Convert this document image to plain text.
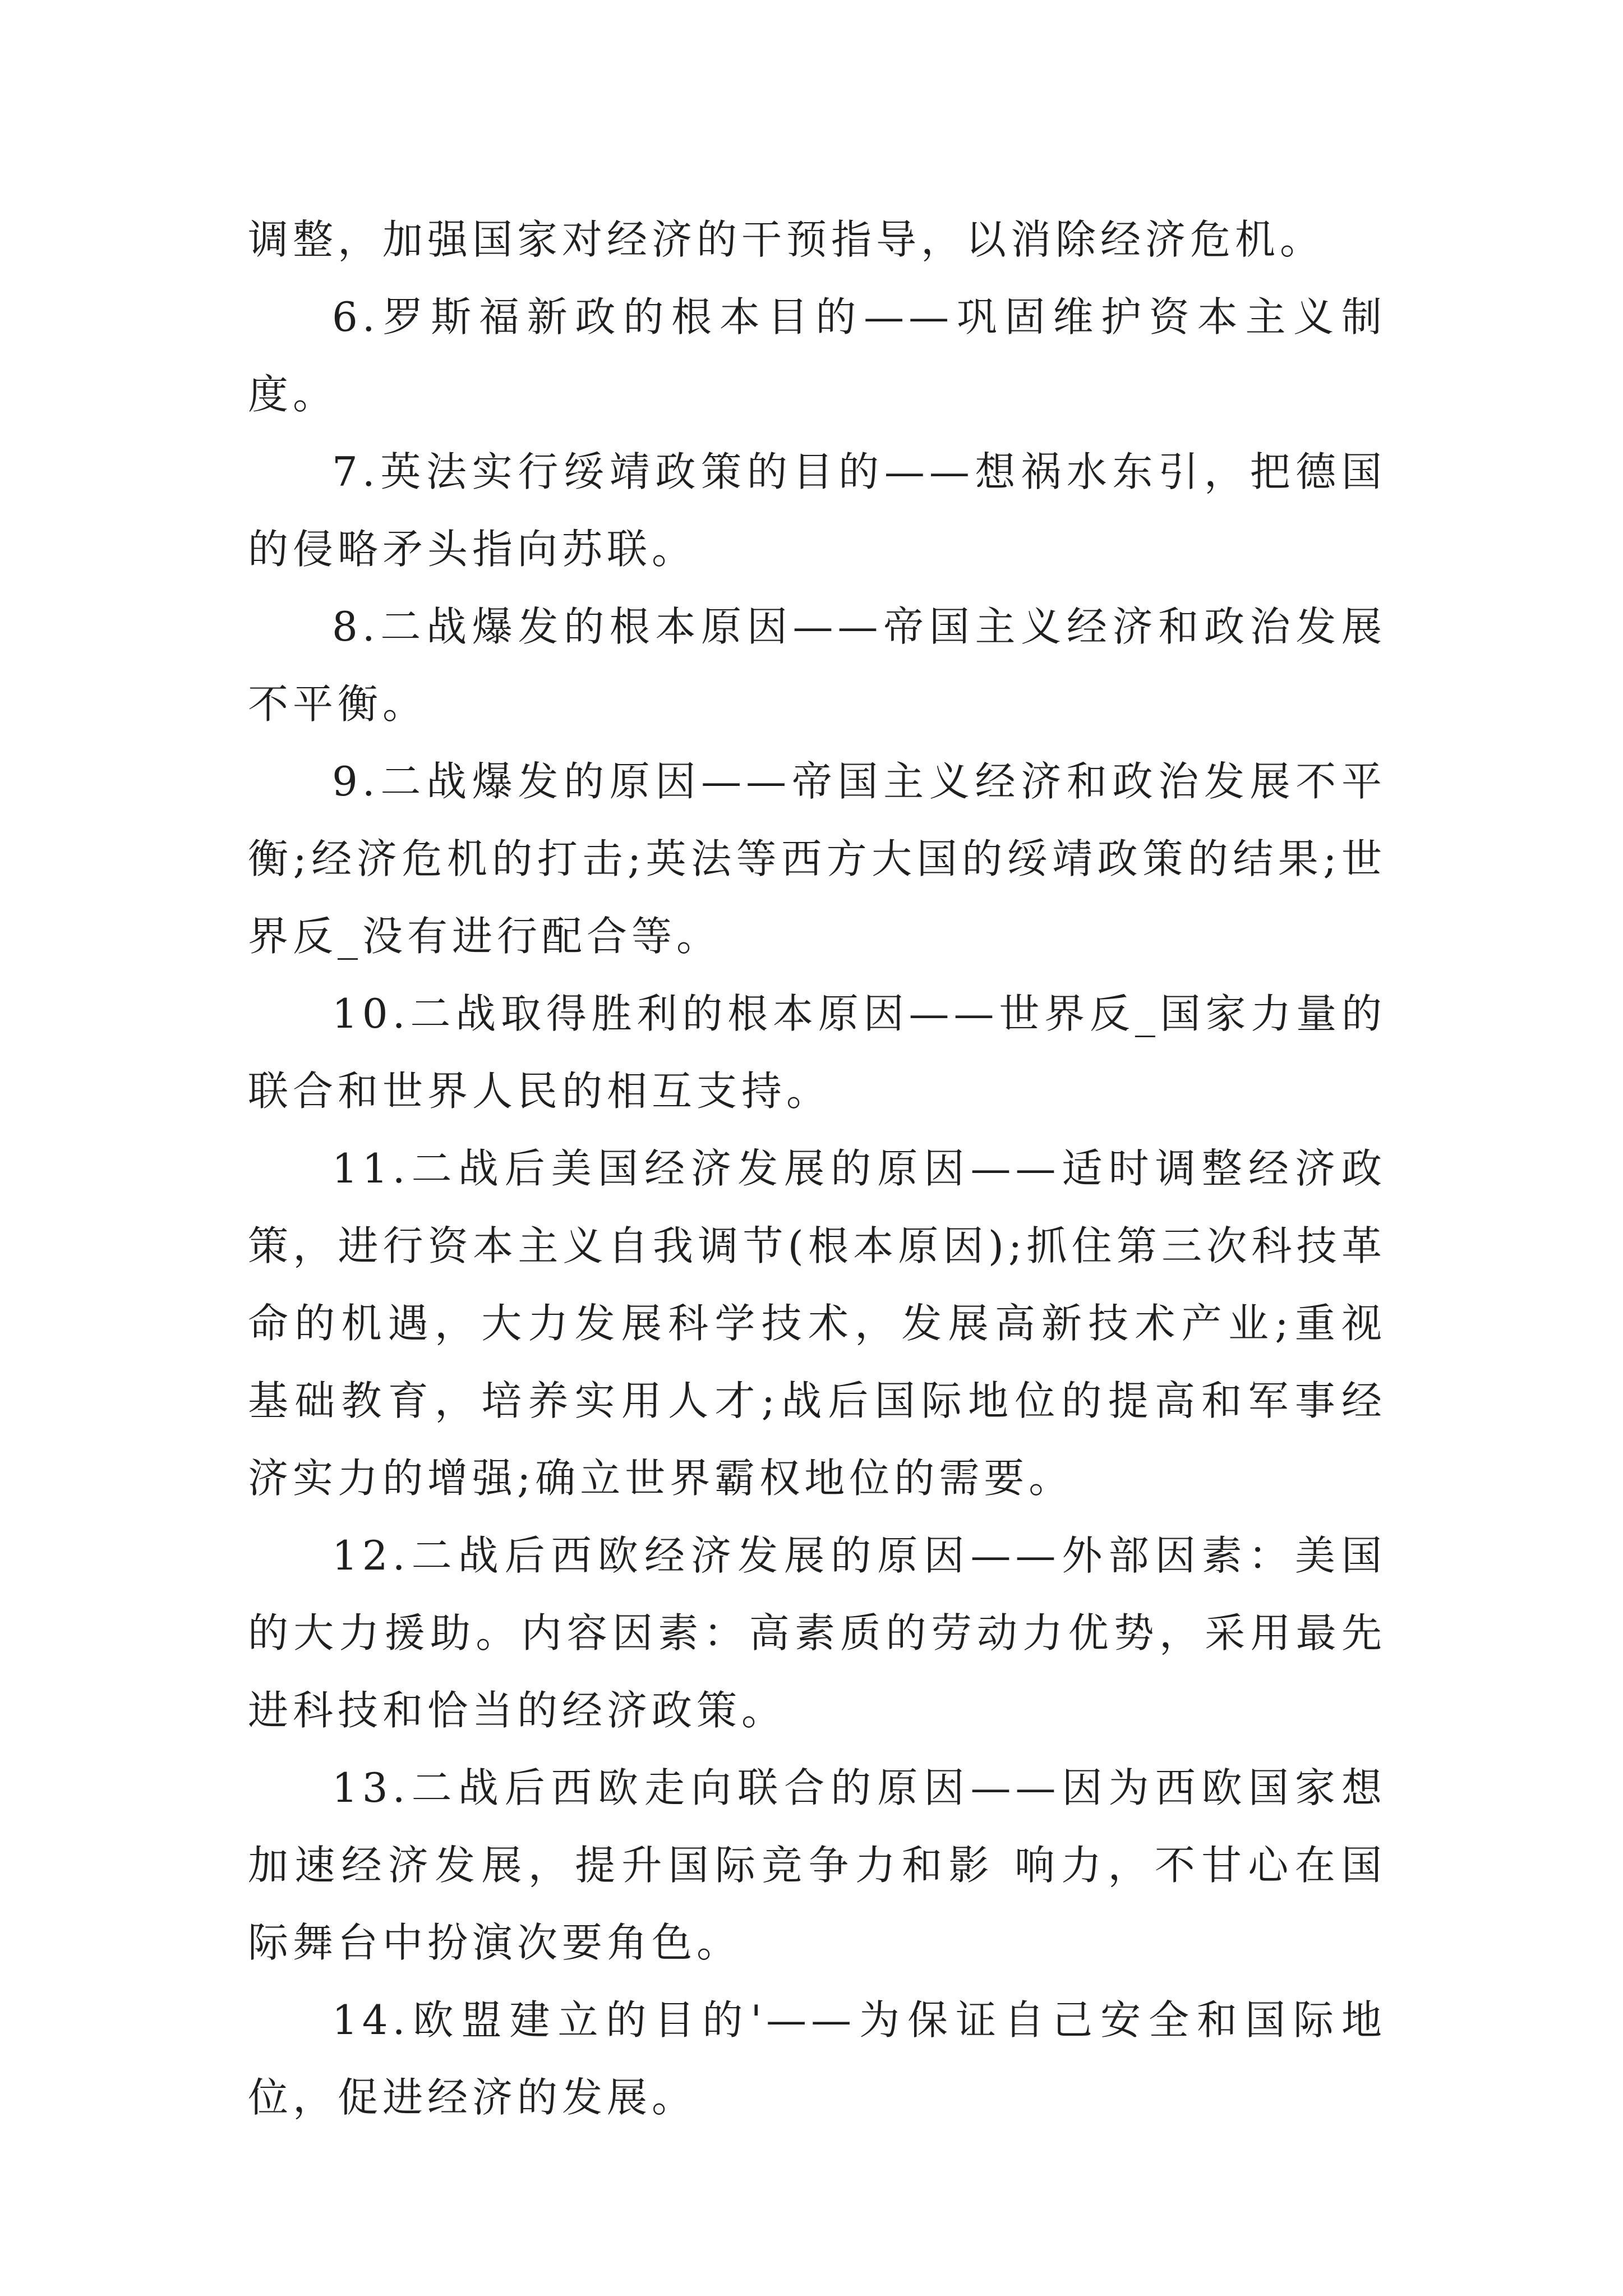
调整，加强国家对经济的干预指导，以消除经济危机。

6.罗斯福新政的根本目的——巩固维护资本主义制度。

7.英法实行绥靖政策的目的——想祸水东引，把德国的侵略矛头指向苏联。

8.二战爆发的根本原因——帝国主义经济和政治发展不平衡。

9.二战爆发的原因——帝国主义经济和政治发展不平衡;经济危机的打击;英法等西方大国的绥靖政策的结果;世界反_没有进行配合等。

10.二战取得胜利的根本原因——世界反_国家力量的联合和世界人民的相互支持。

11.二战后美国经济发展的原因——适时调整经济政策，进行资本主义自我调节(根本原因);抓住第三次科技革命的机遇，大力发展科学技术，发展高新技术产业;重视基础教育，培养实用人才;战后国际地位的提高和军事经济实力的增强;确立世界霸权地位的需要。

12.二战后西欧经济发展的原因——外部因素：美国的大力援助。内容因素：高素质的劳动力优势，采用最先进科技和恰当的经济政策。

13.二战后西欧走向联合的原因——因为西欧国家想加速经济发展，提升国际竞争力和影 响力，不甘心在国际舞台中扮演次要角色。

14.欧盟建立的目的'——为保证自己安全和国际地位，促进经济的发展。
